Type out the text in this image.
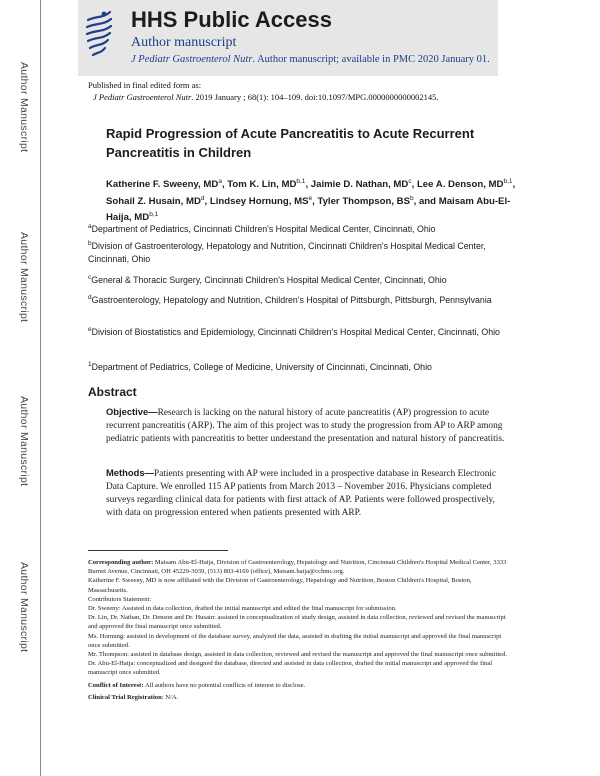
Author Manuscript
Author Manuscript
Author Manuscript
Author Manuscript
HHS Public Access
Author manuscript
J Pediatr Gastroenterol Nutr. Author manuscript; available in PMC 2020 January 01.
Published in final edited form as:
J Pediatr Gastroenterol Nutr. 2019 January ; 68(1): 104–109. doi:10.1097/MPG.0000000000002145.
Rapid Progression of Acute Pancreatitis to Acute Recurrent Pancreatitis in Children
Katherine F. Sweeny, $MD^a$, Tom K. Lin, MD$^{b,1}$, Jaimie D. Nathan, $MD^c$, Lee A. Denson, MD$^{b,1}$, Sohail Z. Husain, $MD^d$, Lindsey Hornung, $MS^e$, Tyler Thompson, $BS^b$, and Maisam Abu-El-Haija, MD$^{b,1}$
$^a$Department of Pediatrics, Cincinnati Children's Hospital Medical Center, Cincinnati, Ohio
$^b$Division of Gastroenterology, Hepatology and Nutrition, Cincinnati Children's Hospital Medical Center, Cincinnati, Ohio
$^c$General & Thoracic Surgery, Cincinnati Children's Hospital Medical Center, Cincinnati, Ohio
$^d$Gastroenterology, Hepatology and Nutrition, Children's Hospital of Pittsburgh, Pittsburgh, Pennsylvania
$^e$Division of Biostatistics and Epidemiology, Cincinnati Children's Hospital Medical Center, Cincinnati, Ohio
$^1$Department of Pediatrics, College of Medicine, University of Cincinnati, Cincinnati, Ohio
Abstract
Objective—Research is lacking on the natural history of acute pancreatitis (AP) progression to acute recurrent pancreatitis (ARP). The aim of this project was to study the progression from AP to ARP among pediatric patients with pancreatitis to better understand the presentation and natural history of pancreatitis.
Methods—Patients presenting with AP were included in a prospective database in Research Electronic Data Capture. We enrolled 115 AP patients from March 2013 – November 2016. Physicians completed surveys regarding clinical data for patients with first attack of AP. Patients were followed prospectively, with data on progression entered when patients presented with ARP.

Corresponding author: Maisam Abu-El-Haija, Division of Gastroenterology, Hepatology and Nutrition, Cincinnati Children's Hospital Medical Center, 3333 Burnet Avenue, Cincinnati, OH 45229-3039, (513) 803-4169 (office), Maisam.haija@cchmc.org.

Katherine F. Sweeny, MD is now affiliated with the Division of Gastroenterology, Hepatology and Nutrition, Boston Children's Hospital, Boston, Massachusetts.

Contributors Statement:

Dr. Sweeny: Assisted in data collection, drafted the initial manuscript and edited the final manuscript for submission.

Dr. Lin, Dr. Nathan, Dr. Denson and Dr. Husain: assisted in conceptualization of study design, assisted in data collection, reviewed and revised the manuscript and approved the final manuscript once submitted.

Ms. Hornung: assisted in development of the database survey, analyzed the data, assisted in drafting the initial manuscript and approved the final manuscript once submitted.

Mr. Thompson: assisted in database design, assisted in data collection, reviewed and revised the manuscript and approved the final manuscript once submitted.

Dr. Abu-El-Haija: conceptualized and designed the database, directed and assisted in data collection, drafted the initial manuscript and approved the final manuscript once submitted.

Conflict of Interest: All authors have no potential conflicts of interest to disclose.

Clinical Trial Registration: N/A.
